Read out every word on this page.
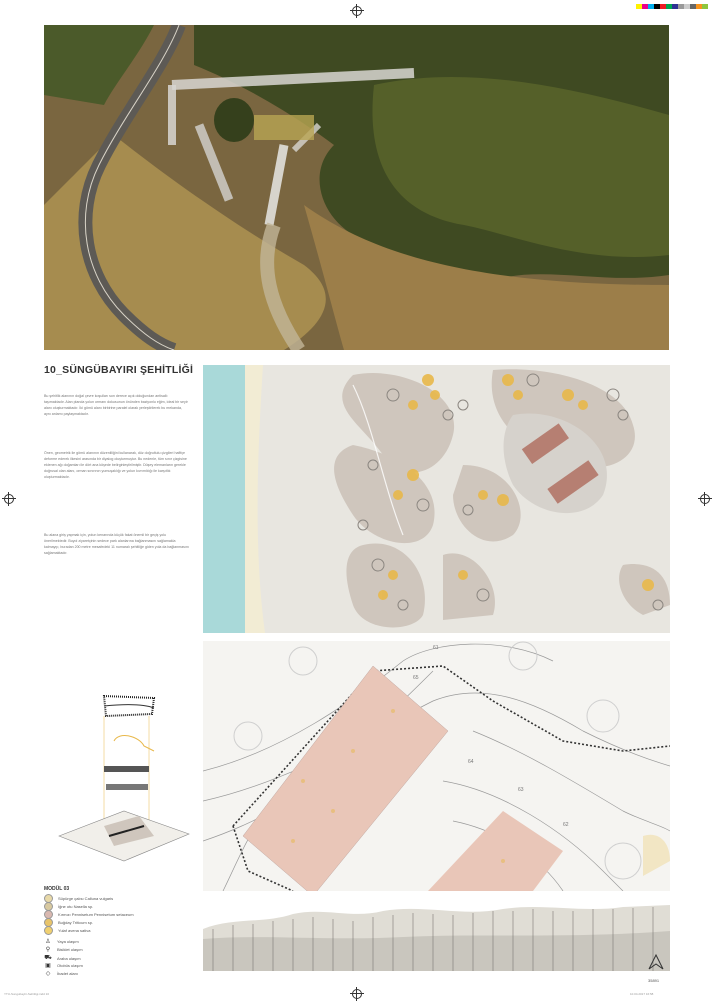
10_SÜNGÜBAYIRI ŞEHİTLİĞİ
Bu şehitlik alanının doğal çevre koşulları son derece açık olduğundan antisallı taşımaktadır. Alan planda yolun ormanı dokusunun önünden baziyonlu eğim, ideal bir seyir alanı oluşturmaktadır. İki gömü alanı birbirine paralel olarak yerleştirilerek bu mekanda, aynı anlamı paylaşmaktadır.
Önen, geometrik ile gömü alanının düzenliliğini kullanarak, düz doğrultulu çizgileri hafifçe deforme ederek ilkesini arasında bir diyalog oluşturmuştur. Bu nedenle, tüm sınır çizgisine eklenen ağı doğamları ile dört ana köşede belirginleştirilmiştir. Düşey elemanların gerekle doğrusal olan alanı, orman sınırının yumuşaklığı ve yolun kıvrımlılığı ile karşıtlık oluşturmaktadır.
Bu alana giriş yapmak için, yolun kenarında küçük fakat önemli bir geçiş yolu önerilmektedir. Buyol ziyaretçinin sedece park alanlarına bağlanmasını sağlamakla kalmayıp, buradan 200 metre mesafedeki 11 numaralı şehitliğe giden yola da bağlanmasını sağlamaktadır.
65
64
63
62
61
MODÜL 03
Süpürge çalısı Calluna vulgaris
İğne otu Nasella sp.
Kırmızı Pennisetum Pennisetum setaceum
Buğday Triticum sp.
Yulaf avena sativa
♙	Yaya ulaşım
⚲	Bisiklet ulaşım
⛟ Araba ulaşım
▣ Otobüs ulaşım
◇	İbadet alanı
35891
YTU-Sungubayiri-Sehitligi.indd 10	10.04.2017 16:58
